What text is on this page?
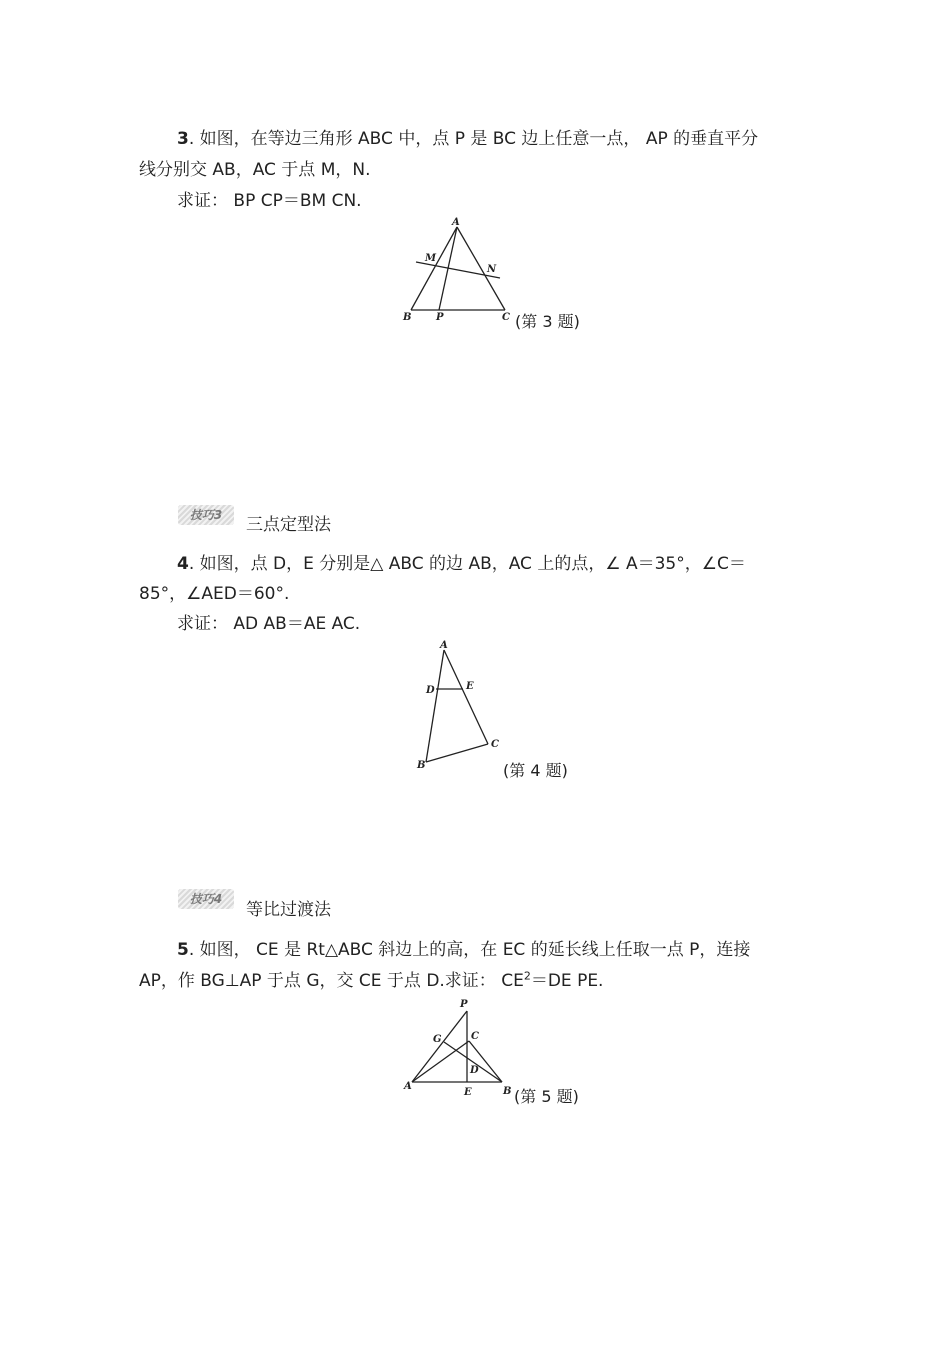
3. 如图，在等边三角形 ABC 中，点 P 是 BC 边上任意一点， AP 的垂直平分
线分别交 AB，AC 于点 M，N.
求证： BP CP＝BM CN.
A
M
N
B P	C
A
D	E
C
B
P
G	C
D
A
E	B
(第 3 题)
技巧3	三点定型法
4. 如图，点 D，E 分别是△ ABC 的边 AB，AC 上的点，∠ A＝35°，∠C＝
85°，∠AED＝60°.
求证： AD AB＝AE AC.
(第 4 题)
技巧4
等比过渡法
5. 如图， CE 是 Rt△ABC 斜边上的高，在 EC 的延长线上任取一点 P，连接
AP，作 BG⊥AP 于点 G，交 CE 于点 D.求证： $CE^2=DE$ PE.
(第 5 题)
